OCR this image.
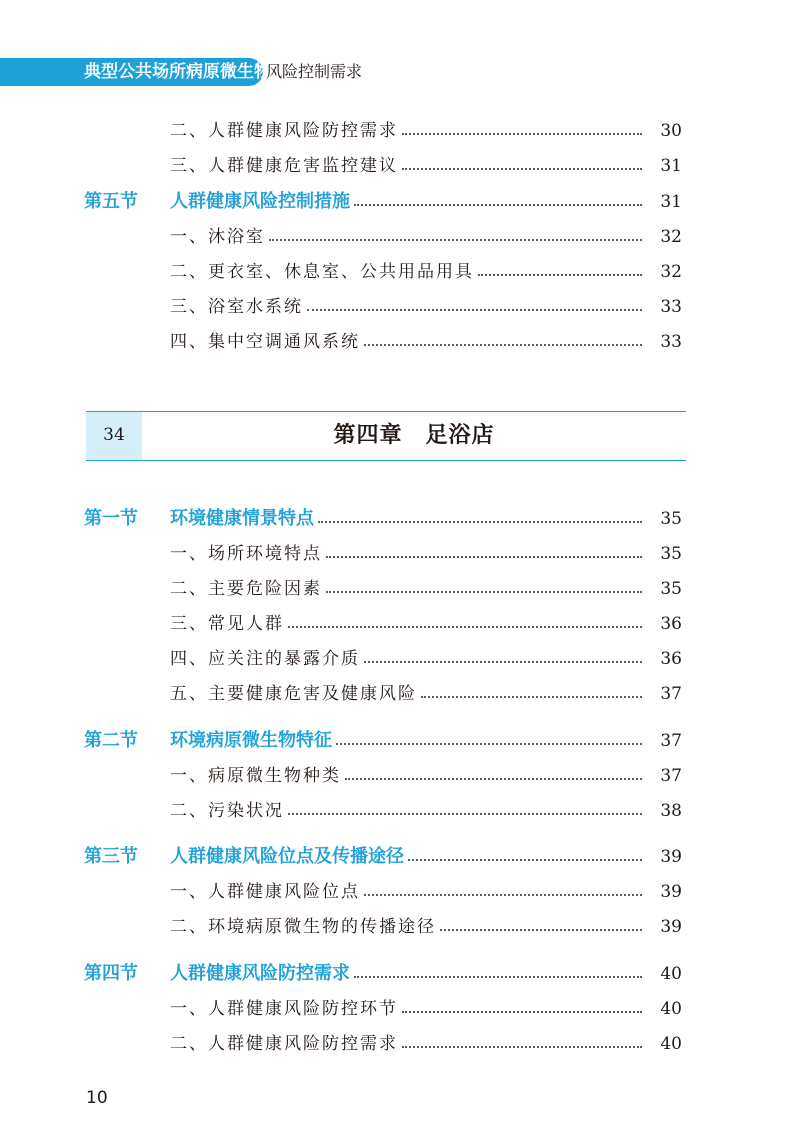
典型公共场所病原微生物
风险控制需求
二、人群健康风险防控需求	30
三、人群健康危害监控建议	31
第五节	人群健康风险控制措施	31
一、沐浴室	32
二、更衣室、休息室、公共用品用具	32
三、浴室水系统	33
四、集中空调通风系统	33
34	第四章　足浴店
第一节	环境健康情景特点	35
一、场所环境特点	35
二、主要危险因素	35
三、常见人群	36
四、应关注的暴露介质	36
五、主要健康危害及健康风险	37
第二节	环境病原微生物特征	37
一、病原微生物种类	37
二、污染状况	38
第三节	人群健康风险位点及传播途径	39
一、人群健康风险位点	39
二、环境病原微生物的传播途径	39
第四节	人群健康风险防控需求	40
一、人群健康风险防控环节	40
二、人群健康风险防控需求	40
10
